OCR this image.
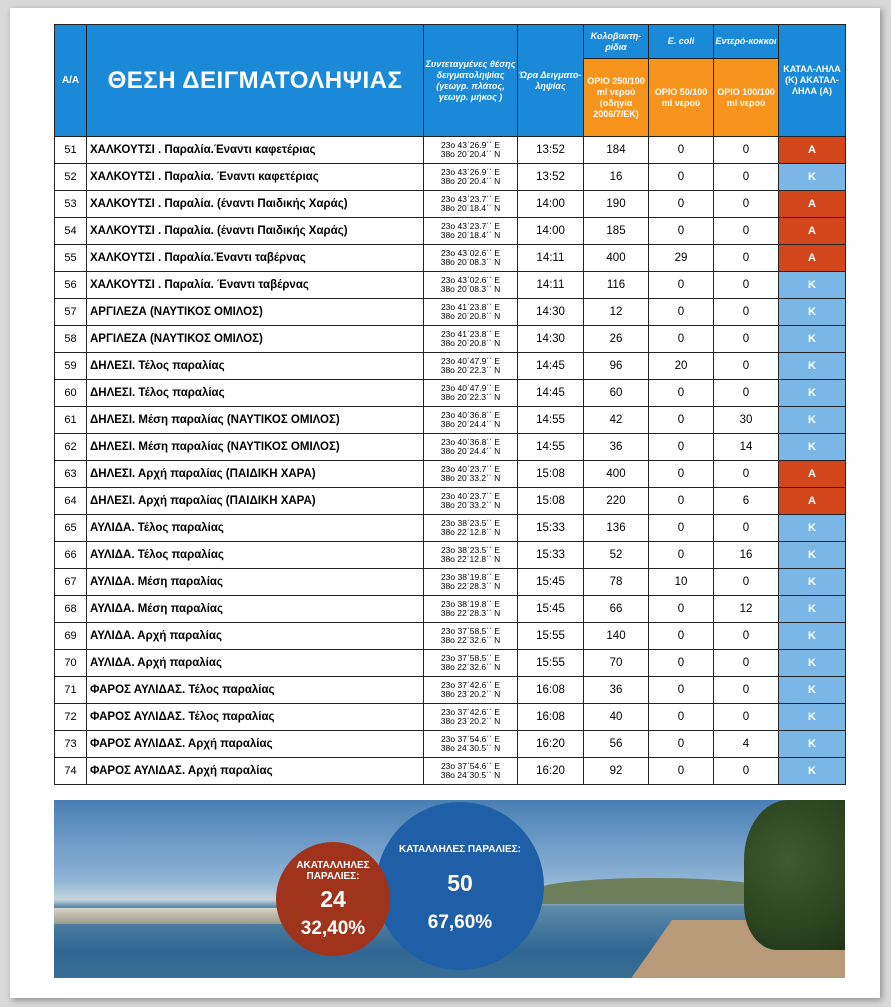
Α/Α	ΘΕΣΗ ΔΕΙΓΜΑΤΟΛΗΨΙΑΣ	Συντεταγμένες θέσης δειγματοληψίας (γεωγρ. πλάτος, γεωγρ. μήκος )	Ώρα Δειγματο-ληψίας	Κολοβακτη-ρίδια	E. coli	Εντερό-κοκκοι	ΚΑΤΑΛ-ΛΗΛΑ (Κ) ΑΚΑΤΑΛ-ΛΗΛΑ (Α)
				ΟΡΙΟ 250/100 ml νερού (οδηγία 2006/7/ΕΚ)	ΟΡΙΟ 50/100 ml νερού	ΟΡΙΟ 100/100 ml νερού	
51	ΧΑΛΚΟΥΤΣΙ . Παραλία.Έναντι καφετέριας	23ο 43΄26.9΄΄ Ε
38ο 20΄20.4΄΄ Ν	13:52	184	0	0	Α
52	ΧΑΛΚΟΥΤΣΙ . Παραλία. Έναντι καφετέριας	23ο 43΄26.9΄΄ Ε
38ο 20΄20.4΄΄ Ν	13:52	16	0	0	Κ
53	ΧΑΛΚΟΥΤΣΙ . Παραλία. (έναντι Παιδικής Χαράς)	23ο 43΄23.7΄΄ Ε
38ο 20΄18.4΄΄ Ν	14:00	190	0	0	Α
54	ΧΑΛΚΟΥΤΣΙ . Παραλία. (έναντι Παιδικής Χαράς)	23ο 43΄23.7΄΄ Ε
38ο 20΄18.4΄΄ Ν	14:00	185	0	0	Α
55	ΧΑΛΚΟΥΤΣΙ . Παραλία.Έναντι ταβέρνας	23ο 43΄02.6΄΄ Ε
38ο 20΄08.3΄΄ Ν	14:11	400	29	0	Α
56	ΧΑΛΚΟΥΤΣΙ . Παραλία. Έναντι ταβέρνας	23ο 43΄02.6΄΄ Ε
38ο 20΄08.3΄΄ Ν	14:11	116	0	0	Κ
57	ΑΡΓΙΛΕΖΑ (ΝΑΥΤΙΚΟΣ ΟΜΙΛΟΣ)	23ο 41΄23.8΄΄ Ε
38ο 20΄20.8΄΄ Ν	14:30	12	0	0	Κ
58	ΑΡΓΙΛΕΖΑ (ΝΑΥΤΙΚΟΣ ΟΜΙΛΟΣ)	23ο 41΄23.8΄΄ Ε
38ο 20΄20.8΄΄ Ν	14:30	26	0	0	Κ
59	ΔΗΛΕΣΙ. Τέλος παραλίας	23ο 40΄47.9΄΄ Ε
38ο 20΄22.3΄΄ Ν	14:45	96	20	0	Κ
60	ΔΗΛΕΣΙ. Τέλος παραλίας	23ο 40΄47.9΄΄ Ε
38ο 20΄22.3΄΄ Ν	14:45	60	0	0	Κ
61	ΔΗΛΕΣΙ. Μέση παραλίας (ΝΑΥΤΙΚΟΣ ΟΜΙΛΟΣ)	23ο 40΄36.8΄΄ Ε
38ο 20΄24.4΄΄ Ν	14:55	42	0	30	Κ
62	ΔΗΛΕΣΙ. Μέση παραλίας (ΝΑΥΤΙΚΟΣ ΟΜΙΛΟΣ)	23ο 40΄36.8΄΄ Ε
38ο 20΄24.4΄΄ Ν	14:55	36	0	14	Κ
63	ΔΗΛΕΣΙ. Αρχή παραλίας (ΠΑΙΔΙΚΗ ΧΑΡΑ)	23ο 40΄23.7΄΄ Ε
38ο 20΄33.2΄΄ Ν	15:08	400	0	0	Α
64	ΔΗΛΕΣΙ. Αρχή παραλίας (ΠΑΙΔΙΚΗ ΧΑΡΑ)	23ο 40΄23.7΄΄ Ε
38ο 20΄33.2΄΄ Ν	15:08	220	0	6	Α
65	ΑΥΛΙΔΑ. Τέλος παραλίας	23ο 38΄23.5΄΄ Ε
38ο 22΄12.8΄΄ Ν	15:33	136	0	0	Κ
66	ΑΥΛΙΔΑ. Τέλος παραλίας	23ο 38΄23.5΄΄ Ε
38ο 22΄12.8΄΄ Ν	15:33	52	0	16	Κ
67	ΑΥΛΙΔΑ. Μέση παραλίας	23ο 38΄19.8΄΄ Ε
38ο 22΄28.3΄΄ Ν	15:45	78	10	0	Κ
68	ΑΥΛΙΔΑ. Μέση παραλίας	23ο 38΄19.8΄΄ Ε
38ο 22΄28.3΄΄ Ν	15:45	66	0	12	Κ
69	ΑΥΛΙΔΑ. Αρχή παραλίας	23ο 37΄58.5΄΄ Ε
38ο 22΄32.6΄΄ Ν	15:55	140	0	0	Κ
70	ΑΥΛΙΔΑ. Αρχή παραλίας	23ο 37΄58.5΄΄ Ε
38ο 22΄32.6΄΄ Ν	15:55	70	0	0	Κ
71	ΦΑΡΟΣ ΑΥΛΙΔΑΣ. Τέλος παραλίας	23ο 37΄42.6΄΄ Ε
38ο 23΄20.2΄΄ Ν	16:08	36	0	0	Κ
72	ΦΑΡΟΣ ΑΥΛΙΔΑΣ. Τέλος παραλίας	23ο 37΄42.6΄΄ Ε
38ο 23΄20.2΄΄ Ν	16:08	40	0	0	Κ
73	ΦΑΡΟΣ ΑΥΛΙΔΑΣ. Αρχή παραλίας	23ο 37΄54.6΄΄ Ε
38ο 24΄30.5΄΄ Ν	16:20	56	0	4	Κ
74	ΦΑΡΟΣ ΑΥΛΙΔΑΣ. Αρχή παραλίας	23ο 37΄54.6΄΄ Ε
38ο 24΄30.5΄΄ Ν	16:20	92	0	0	Κ
ΚΑΤΑΛΛΗΛΕΣ ΠΑΡΑΛΙΕΣ:
50
67,60%
ΑΚΑΤΑΛΛΗΛΕΣ ΠΑΡΑΛΙΕΣ:
24
32,40%
